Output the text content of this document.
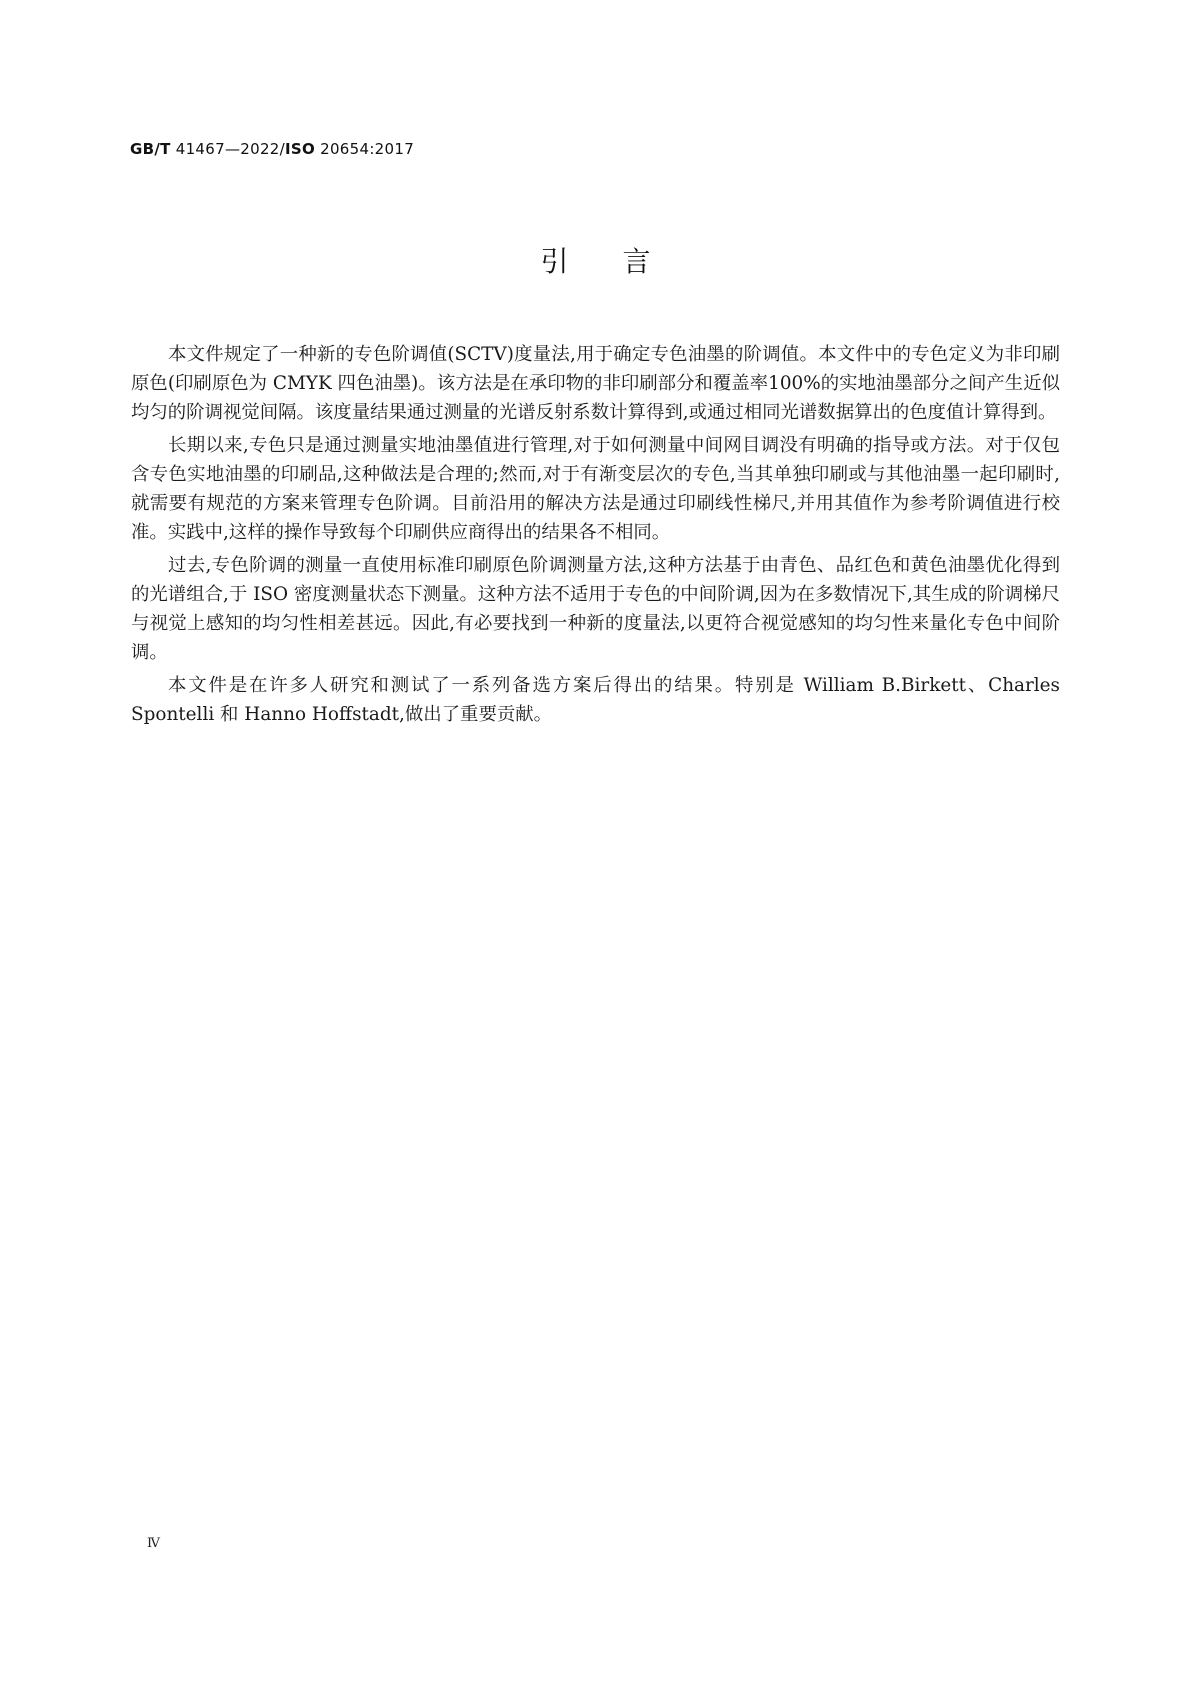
GB/T 41467—2022/ISO 20654:2017
引言

本文件规定了一种新的专色阶调值(SCTV)度量法,用于确定专色油墨的阶调值。本文件中的专色定义为非印刷原色(印刷原色为 CMYK 四色油墨)。该方法是在承印物的非印刷部分和覆盖率100%的实地油墨部分之间产生近似均匀的阶调视觉间隔。该度量结果通过测量的光谱反射系数计算得到,或通过相同光谱数据算出的色度值计算得到。

长期以来,专色只是通过测量实地油墨值进行管理,对于如何测量中间网目调没有明确的指导或方法。对于仅包含专色实地油墨的印刷品,这种做法是合理的;然而,对于有渐变层次的专色,当其单独印刷或与其他油墨一起印刷时,就需要有规范的方案来管理专色阶调。目前沿用的解决方法是通过印刷线性梯尺,并用其值作为参考阶调值进行校准。实践中,这样的操作导致每个印刷供应商得出的结果各不相同。

过去,专色阶调的测量一直使用标准印刷原色阶调测量方法,这种方法基于由青色、品红色和黄色油墨优化得到的光谱组合,于 ISO 密度测量状态下测量。这种方法不适用于专色的中间阶调,因为在多数情况下,其生成的阶调梯尺与视觉上感知的均匀性相差甚远。因此,有必要找到一种新的度量法,以更符合视觉感知的均匀性来量化专色中间阶调。

本文件是在许多人研究和测试了一系列备选方案后得出的结果。特别是 William B.Birkett、Charles Spontelli 和 Hanno Hoffstadt,做出了重要贡献。

Ⅳ
